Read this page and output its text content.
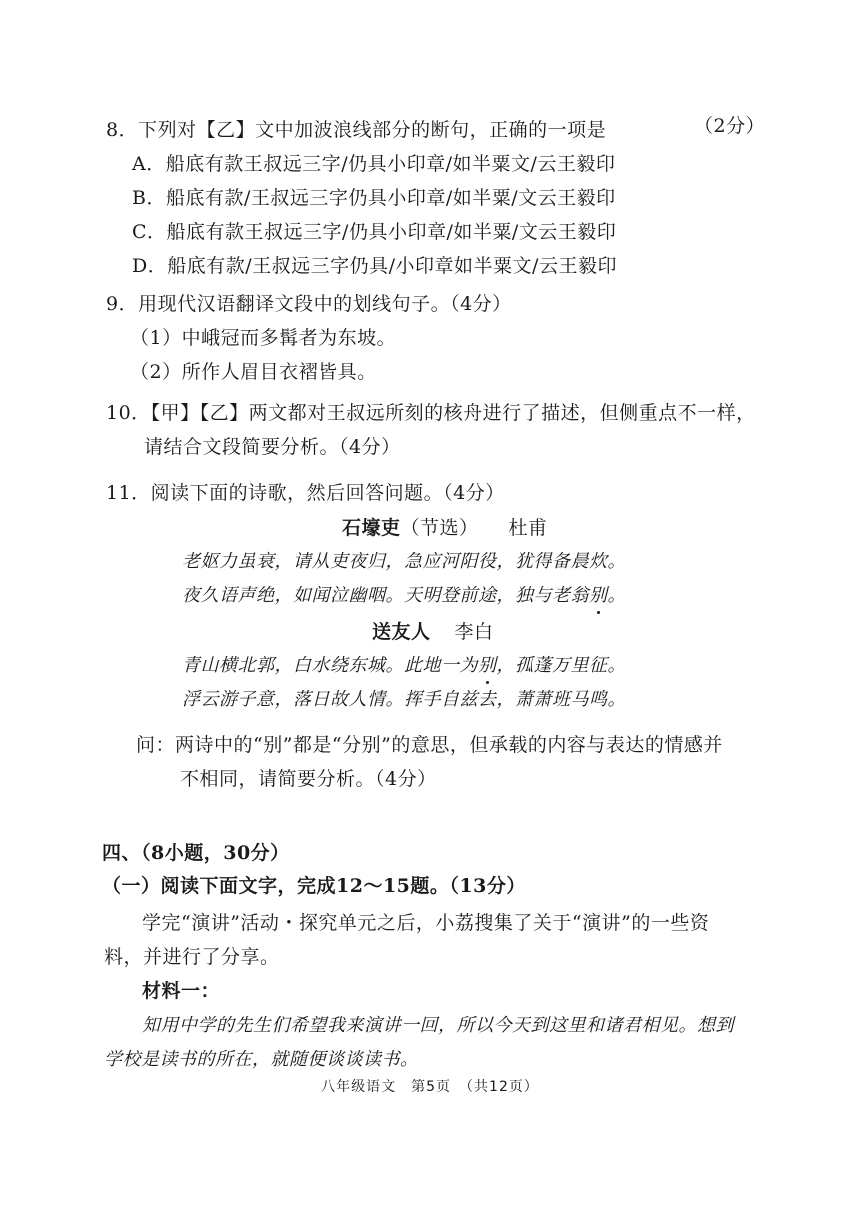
8．下列对【乙】文中加波浪线部分的断句，正确的一项是	（2分）
A．船底有款王叔远三字/仍具小印章/如半粟文/云王毅印
B．船底有款/王叔远三字仍具小印章/如半粟/文云王毅印
C．船底有款王叔远三字/仍具小印章/如半粟/文云王毅印
D．船底有款/王叔远三字仍具/小印章如半粟文/云王毅印
9．用现代汉语翻译文段中的划线句子。（4分）
（1）中峨冠而多髯者为东坡。
（2）所作人眉目衣褶皆具。
10．【甲】【乙】两文都对王叔远所刻的核舟进行了描述，但侧重点不一样，
请结合文段简要分析。（4分）
11．阅读下面的诗歌，然后回答问题。（4分）
石壕吏（节选） 杜甫
老妪力虽衰，请从吏夜归，急应河阳役，犹得备晨炊。
夜久语声绝，如闻泣幽咽。天明登前途，独与老翁别。
送友人 李白
青山横北郭，白水绕东城。此地一为别，孤蓬万里征。
浮云游子意，落日故人情。挥手自兹去，萧萧班马鸣。
问：两诗中的“别”都是“分别”的意思，但承载的内容与表达的情感并
不相同，请简要分析。（4分）
四、（8小题，30分）
（一）阅读下面文字，完成12～15题。（13分）
学完“演讲”活动・探究单元之后，小荔搜集了关于“演讲”的一些资
料，并进行了分享。
材料一：
知用中学的先生们希望我来演讲一回，所以今天到这里和诸君相见。想到
学校是读书的所在，就随便谈谈读书。
八年级语文　第5页　（共12页）
